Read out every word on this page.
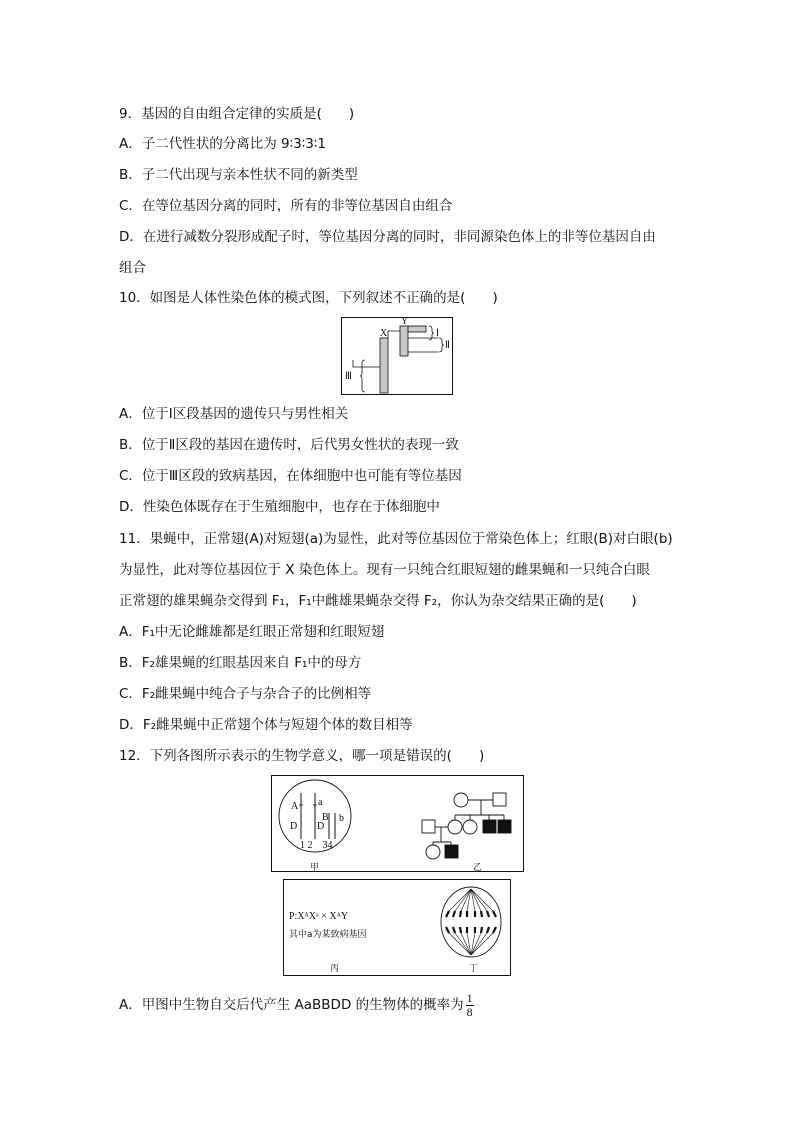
9．基因的自由组合定律的实质是(　　)
A．子二代性状的分离比为 9∶3∶3∶1
B．子二代出现与亲本性状不同的新类型
C．在等位基因分离的同时，所有的非等位基因自由组合
D．在进行减数分裂形成配子时，等位基因分离的同时，非同源染色体上的非等位基因自由
组合
10．如图是人体性染色体的模式图，下列叙述不正确的是(　　)
X
Y
Ⅰ
Ⅱ
Ⅲ
A．位于Ⅰ区段基因的遗传只与男性相关
B．位于Ⅱ区段的基因在遗传时，后代男女性状的表现一致
C．位于Ⅲ区段的致病基因，在体细胞中也可能有等位基因
D．性染色体既存在于生殖细胞中，也存在于体细胞中
11．果蝇中，正常翅(A)对短翅(a)为显性，此对等位基因位于常染色体上；红眼(B)对白眼(b)
为显性，此对等位基因位于 X 染色体上。现有一只纯合红眼短翅的雌果蝇和一只纯合白眼
正常翅的雄果蝇杂交得到 F₁，F₁中雌雄果蝇杂交得 F₂，你认为杂交结果正确的是(　　)
A．F₁中无论雌雄都是红眼正常翅和红眼短翅
B．F₂雄果蝇的红眼基因来自 F₁中的母方
C．F₂雌果蝇中纯合子与杂合子的比例相等
D．F₂雌果蝇中正常翅个体与短翅个体的数目相等
12．下列各图所示表示的生物学意义，哪一项是错误的(　　)
A a
B b
D D
1 2　34
甲	乙
P:XᴬXᵃ × XᴬY
其中a为某致病基因
丙	丁
A．甲图中生物自交后代产生 AaBBDD 的生物体的概率为 $\frac{1}{8}$
